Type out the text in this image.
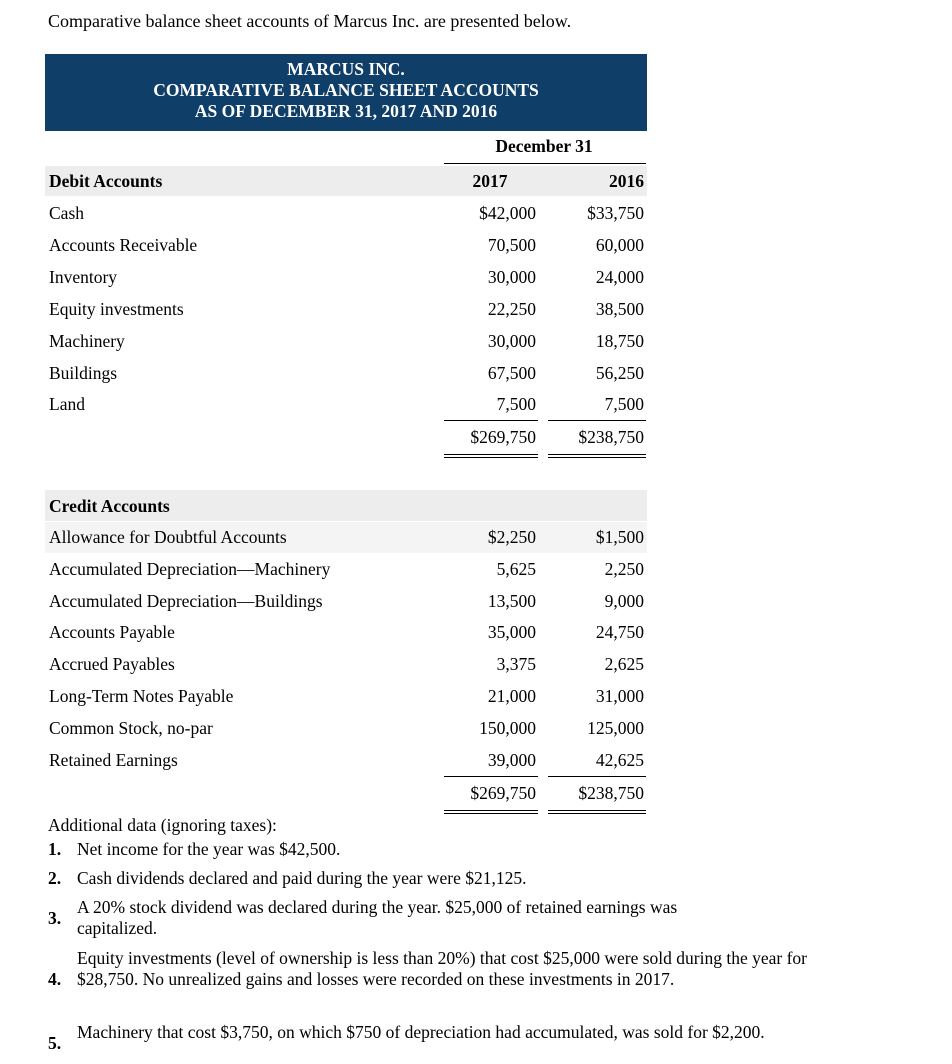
Comparative balance sheet accounts of Marcus Inc. are presented below.
MARCUS INC.
COMPARATIVE BALANCE SHEET ACCOUNTS
AS OF DECEMBER 31, 2017 AND 2016
December 31
Debit Accounts	2017	2016
Cash	$42,000	$33,750
Accounts Receivable	70,500	60,000
Inventory	30,000	24,000
Equity investments	22,250	38,500
Machinery	30,000	18,750
Buildings	67,500	56,250
Land	7,500	7,500
$269,750	$238,750
Credit Accounts
Allowance for Doubtful Accounts	$2,250	$1,500
Accumulated Depreciation—Machinery	5,625	2,250
Accumulated Depreciation—Buildings	13,500	9,000
Accounts Payable	35,000	24,750
Accrued Payables	3,375	2,625
Long-Term Notes Payable	21,000	31,000
Common Stock, no-par	150,000	125,000
Retained Earnings	39,000	42,625
$269,750	$238,750
Additional data (ignoring taxes):
1. Net income for the year was $42,500.
2. Cash dividends declared and paid during the year were $21,125.
3.
A 20% stock dividend was declared during the year. $25,000 of retained earnings was capitalized.
4.
Equity investments (level of ownership is less than 20%) that cost $25,000 were sold during the year for $28,750. No unrealized gains and losses were recorded on these investments in 2017.
5.
Machinery that cost $3,750, on which $750 of depreciation had accumulated, was sold for $2,200.
